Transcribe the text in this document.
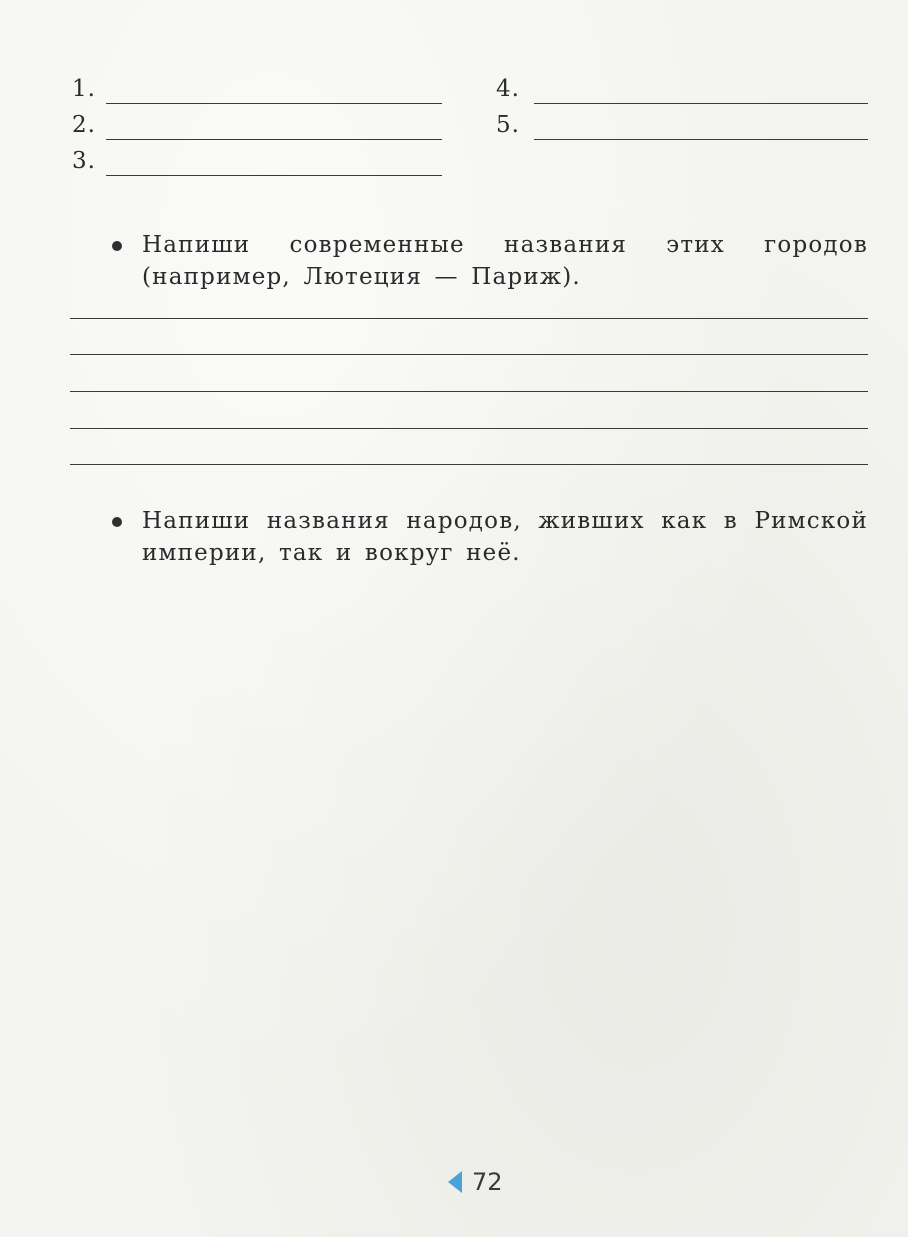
1.
2.
3.
4.
5.
Напиши современные названия этих городов (например, Лютеция — Париж).
Напиши названия народов, живших как в Римской империи, так и вокруг неё.
72
